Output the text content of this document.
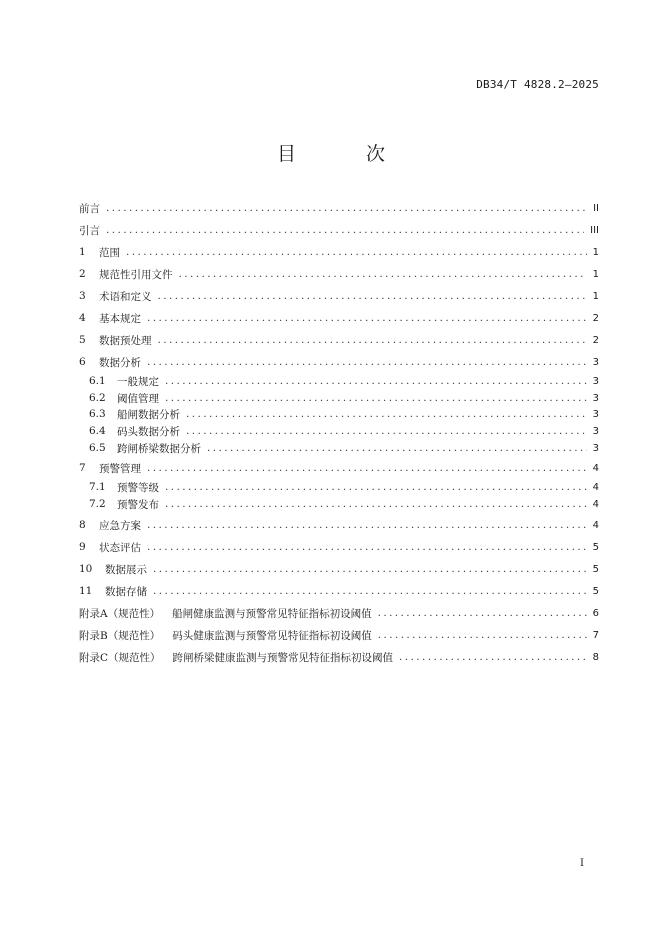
DB34/T 4828.2—2025
目 次
前言 .....	II
引言 .....	III
1	范围 .....	1
2	规范性引用文件 .....	1
3	术语和定义 .....	1
4	基本规定 .....	2
5	数据预处理 .....	2
6	数据分析 .....	3
6.1	一般规定 .....	3
6.2	阈值管理 .....	3
6.3	船闸数据分析 .....	3
6.4	码头数据分析 .....	3
6.5	跨闸桥梁数据分析 .....	3
7	预警管理 .....	4
7.1	预警等级 .....	4
7.2	预警发布 .....	4
8	应急方案 .....	4
9	状态评估 .....	5
10	数据展示 .....	5
11	数据存储 .....	5
附录A（规范性）	船闸健康监测与预警常见特征指标初设阈值 .....	6
附录B（规范性）	码头健康监测与预警常见特征指标初设阈值 .....	7
附录C（规范性）	跨闸桥梁健康监测与预警常见特征指标初设阈值 .....	8
I
